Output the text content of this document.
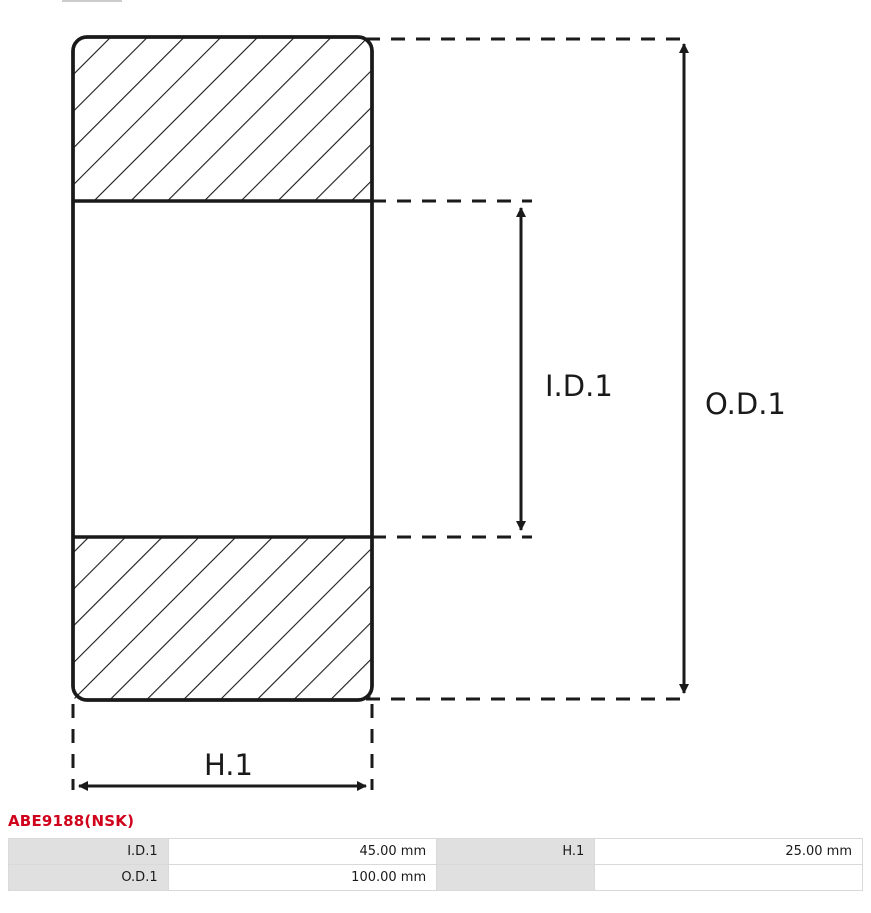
O.D.1
I.D.1
H.1
ABE9188(NSK)
I.D.1	45.00 mm	H.1	25.00 mm
O.D.1	100.00 mm		
